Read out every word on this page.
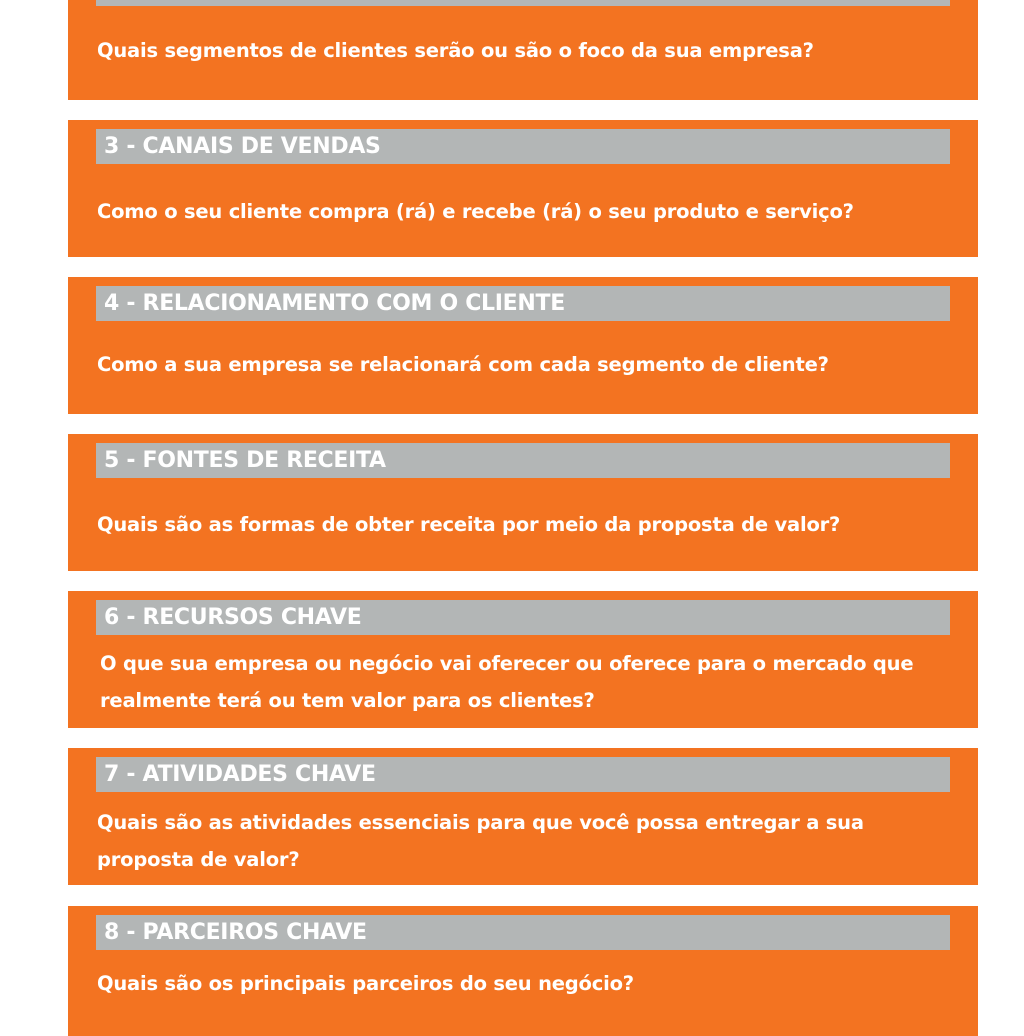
Quais segmentos de clientes serão ou são o foco da sua empresa?
3 - CANAIS DE VENDAS
Como o seu cliente compra (rá) e recebe (rá) o seu produto e serviço?
4 - RELACIONAMENTO COM O CLIENTE
Como a sua empresa se relacionará com cada segmento de cliente?
5 - FONTES DE RECEITA
Quais são as formas de obter receita por meio da proposta de valor?
6 - RECURSOS CHAVE
O que sua empresa ou negócio vai oferecer ou oferece para o mercado que realmente terá ou tem valor para os clientes?
7 - ATIVIDADES CHAVE
Quais são as atividades essenciais para que você possa entregar a sua proposta de valor?
8 - PARCEIROS CHAVE
Quais são os principais parceiros do seu negócio?
